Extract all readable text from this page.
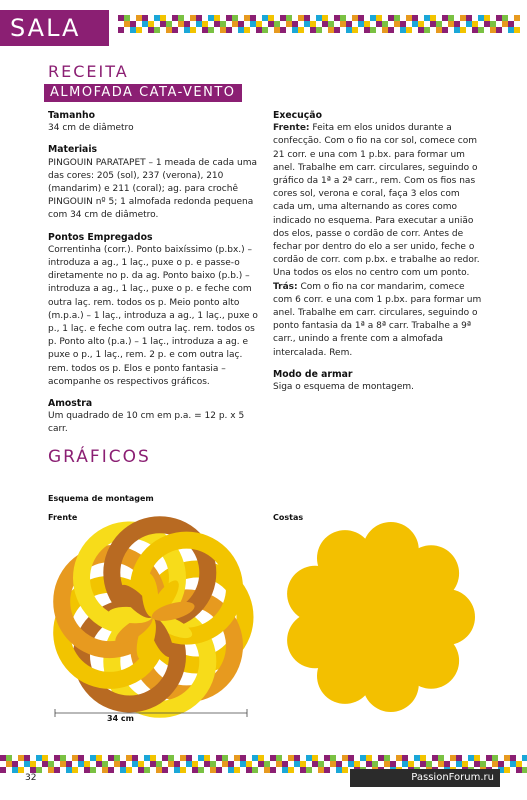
SALA
RECEITA
ALMOFADA CATA-VENTO
Tamanho

34 cm de diâmetro

Materiais

PINGOUIN PARATAPET – 1 meada de cada uma das cores: 205 (sol), 237 (verona), 210 (mandarim) e 211 (coral); ag. para crochê PINGOUIN nº 5; 1 almofada redonda pequena com 34 cm de diâmetro.

Pontos Empregados

Correntinha (corr.). Ponto baixíssimo (p.bx.) – introduza a ag., 1 laç., puxe o p. e passe-o diretamente no p. da ag. Ponto baixo (p.b.) – introduza a ag., 1 laç., puxe o p. e feche com outra laç. rem. todos os p. Meio ponto alto (m.p.a.) – 1 laç., introduza a ag., 1 laç., puxe o p., 1 laç. e feche com outra laç. rem. todos os p. Ponto alto (p.a.) – 1 laç., introduza a ag. e puxe o p., 1 laç., rem. 2 p. e com outra laç. rem. todos os p. Elos e ponto fantasia – acompanhe os respectivos gráficos.

Amostra

Um quadrado de 10 cm em p.a. = 12 p. x 5 carr.

Execução

Frente: Feita em elos unidos durante a confecção. Com o fio na cor sol, comece com 21 corr. e una com 1 p.bx. para formar um anel. Trabalhe em carr. circulares, seguindo o gráfico da 1ª a 2ª carr., rem. Com os fios nas cores sol, verona e coral, faça 3 elos com cada um, uma alternando as cores como indicado no esquema. Para executar a união dos elos, passe o cordão de corr. Antes de fechar por dentro do elo a ser unido, feche o cordão de corr. com p.bx. e trabalhe ao redor. Una todos os elos no centro com um ponto.

Trás: Com o fio na cor mandarim, comece com 6 corr. e una com 1 p.bx. para formar um anel. Trabalhe em carr. circulares, seguindo o ponto fantasia da 1ª a 8ª carr. Trabalhe a 9ª carr., unindo a frente com a almofada intercalada. Rem.

Modo de armar

Siga o esquema de montagem.

GRÁFICOS
Esquema de montagem
Frente	Costas
34 cm
32	PassionForum.ru
